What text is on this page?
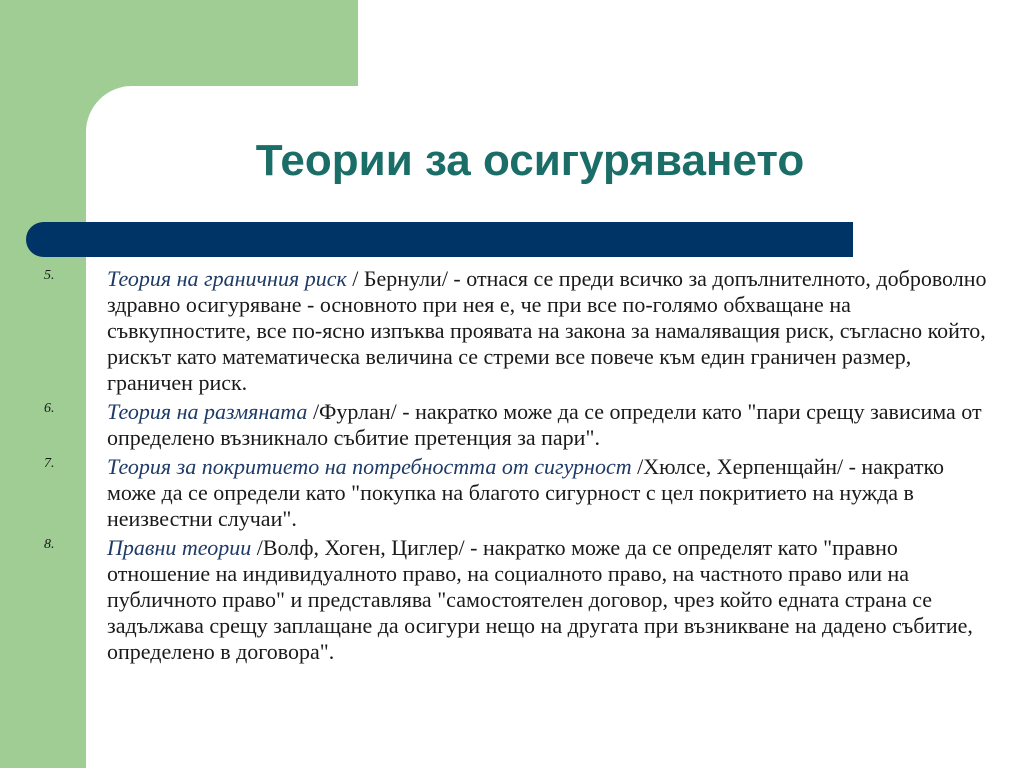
Теории за осигуряването
5. Теория на граничния риск / Бернули/ - отнася се преди всичко за допълнителното, доброволно здравно осигуряване - основното при нея е, че при все по-голямо обхващане на съвкупностите, все по-ясно изпъква проявата на закона за намаляващия риск, съгласно който, рискът като математическа величина се стреми все повече към един граничен размер, граничен риск.
6. Теория на размяната /Фурлан/ - накратко може да се определи като "пари срещу зависима от определено възникнало събитие претенция за пари".
7. Теория за покритието на потребността от сигурност /Хюлсе, Херпенщайн/ - накратко може да се определи като "покупка на благото сигурност с цел покритието на нужда в неизвестни случаи".
8. Правни теории /Волф, Хоген, Циглер/ - накратко може да се определят като "правно отношение на индивидуалното право, на социалното право, на частното право или на публичното право" и представлява "самостоятелен договор, чрез който едната страна се задължава срещу заплащане да осигури нещо на другата при възникване на дадено събитие, определено в договора".
